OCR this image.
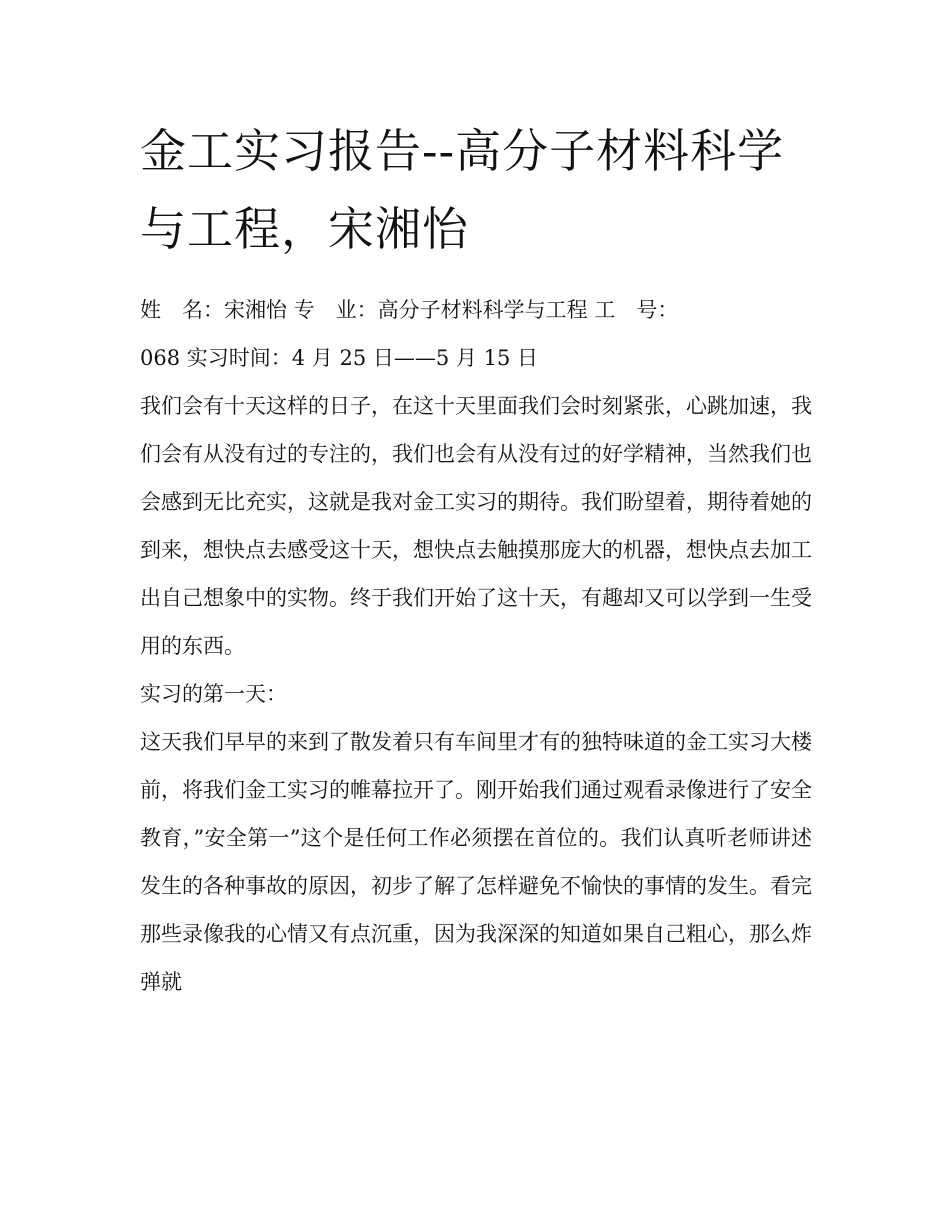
金工实习报告--高分子材料科学与工程，宋湘怡
姓　名：宋湘怡 专　业：高分子材料科学与工程 工　号：
068 实习时间：4 月 25 日——5 月 15 日

我们会有十天这样的日子，在这十天里面我们会时刻紧张，心跳加速，我们会有从没有过的专注的，我们也会有从没有过的好学精神，当然我们也会感到无比充实，这就是我对金工实习的期待。我们盼望着，期待着她的到来，想快点去感受这十天，想快点去触摸那庞大的机器，想快点去加工出自己想象中的实物。终于我们开始了这十天，有趣却又可以学到一生受用的东西。

实习的第一天：

这天我们早早的来到了散发着只有车间里才有的独特味道的金工实习大楼前，将我们金工实习的帷幕拉开了。刚开始我们通过观看录像进行了安全教育，”安全第一”这个是任何工作必须摆在首位的。我们认真听老师讲述发生的各种事故的原因，初步了解了怎样避免不愉快的事情的发生。看完那些录像我的心情又有点沉重，因为我深深的知道如果自己粗心，那么炸弹就
